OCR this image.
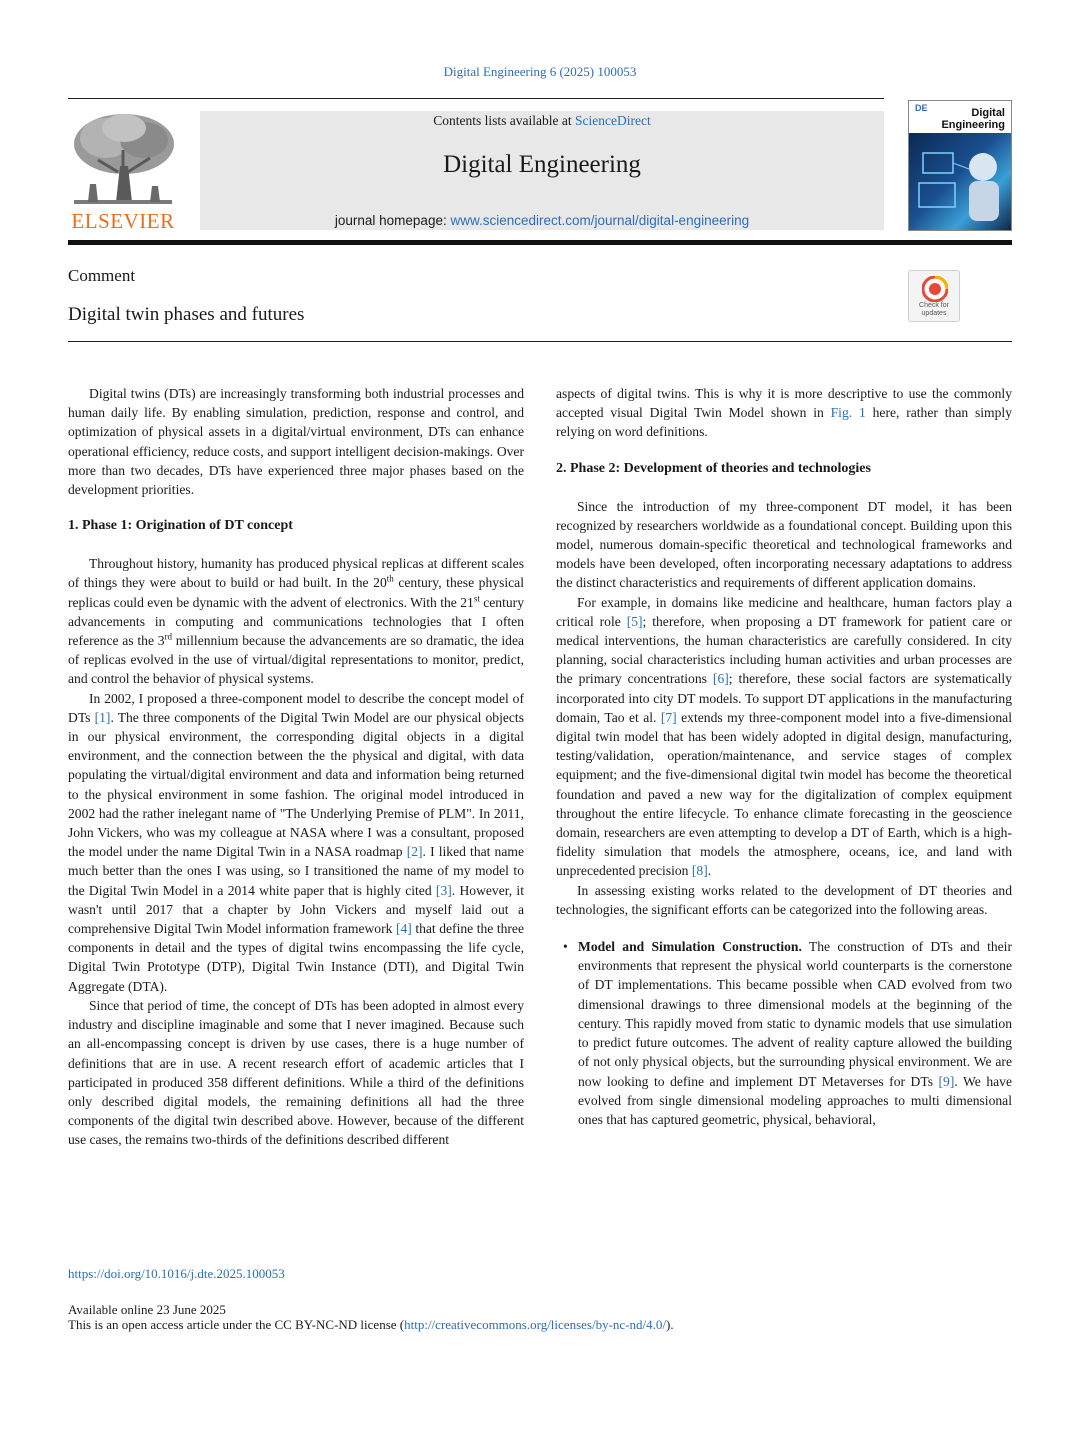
Digital Engineering 6 (2025) 100053
ELSEVIER
Contents lists available at ScienceDirect
Digital Engineering
journal homepage: www.sciencedirect.com/journal/digital-engineering
DE	Digital
Engineering
Comment
Digital twin phases and futures	Check for
updates

Digital twins (DTs) are increasingly transforming both industrial processes and human daily life. By enabling simulation, prediction, response and control, and optimization of physical assets in a digital/virtual environment, DTs can enhance operational efficiency, reduce costs, and support intelligent decision-makings. Over more than two decades, DTs have experienced three major phases based on the development priorities.

1. Phase 1: Origination of DT concept

Throughout history, humanity has produced physical replicas at different scales of things they were about to build or had built. In the 20th century, these physical replicas could even be dynamic with the advent of electronics. With the 21st century advancements in computing and communications technologies that I often reference as the 3rd millennium because the advancements are so dramatic, the idea of replicas evolved in the use of virtual/digital representations to monitor, predict, and control the behavior of physical systems.

In 2002, I proposed a three-component model to describe the concept model of DTs [1]. The three components of the Digital Twin Model are our physical objects in our physical environment, the corresponding digital objects in a digital environment, and the connection between the the physical and digital, with data populating the virtual/digital environment and data and information being returned to the physical environment in some fashion. The original model introduced in 2002 had the rather inelegant name of "The Underlying Premise of PLM". In 2011, John Vickers, who was my colleague at NASA where I was a consultant, proposed the model under the name Digital Twin in a NASA roadmap [2]. I liked that name much better than the ones I was using, so I transitioned the name of my model to the Digital Twin Model in a 2014 white paper that is highly cited [3]. However, it wasn't until 2017 that a chapter by John Vickers and myself laid out a comprehensive Digital Twin Model information framework [4] that define the three components in detail and the types of digital twins encompassing the life cycle, Digital Twin Prototype (DTP), Digital Twin Instance (DTI), and Digital Twin Aggregate (DTA).

Since that period of time, the concept of DTs has been adopted in almost every industry and discipline imaginable and some that I never imagined. Because such an all-encompassing concept is driven by use cases, there is a huge number of definitions that are in use. A recent research effort of academic articles that I participated in produced 358 different definitions. While a third of the definitions only described digital models, the remaining definitions all had the three components of the digital twin described above. However, because of the different use cases, the remains two-thirds of the definitions described different

aspects of digital twins. This is why it is more descriptive to use the commonly accepted visual Digital Twin Model shown in Fig. 1 here, rather than simply relying on word definitions.

2. Phase 2: Development of theories and technologies

Since the introduction of my three-component DT model, it has been recognized by researchers worldwide as a foundational concept. Building upon this model, numerous domain-specific theoretical and technological frameworks and models have been developed, often incorporating necessary adaptations to address the distinct characteristics and requirements of different application domains.

For example, in domains like medicine and healthcare, human factors play a critical role [5]; therefore, when proposing a DT framework for patient care or medical interventions, the human characteristics are carefully considered. In city planning, social characteristics including human activities and urban processes are the primary concentrations [6]; therefore, these social factors are systematically incorporated into city DT models. To support DT applications in the manufacturing domain, Tao et al. [7] extends my three-component model into a five-dimensional digital twin model that has been widely adopted in digital design, manufacturing, testing/validation, operation/maintenance, and service stages of complex equipment; and the five-dimensional digital twin model has become the theoretical foundation and paved a new way for the digitalization of complex equipment throughout the entire lifecycle. To enhance climate forecasting in the geoscience domain, researchers are even attempting to develop a DT of Earth, which is a high-fidelity simulation that models the atmosphere, oceans, ice, and land with unprecedented precision [8].

In assessing existing works related to the development of DT theories and technologies, the significant efforts can be categorized into the following areas.

• Model and Simulation Construction. The construction of DTs and their environments that represent the physical world counterparts is the cornerstone of DT implementations. This became possible when CAD evolved from two dimensional drawings to three dimensional models at the beginning of the century. This rapidly moved from static to dynamic models that use simulation to predict future outcomes. The advent of reality capture allowed the building of not only physical objects, but the surrounding physical environment. We are now looking to define and implement DT Metaverses for DTs [9]. We have evolved from single dimensional modeling approaches to multi dimensional ones that has captured geometric, physical, behavioral,
https://doi.org/10.1016/j.dte.2025.100053
Available online 23 June 2025
This is an open access article under the CC BY-NC-ND license (http://creativecommons.org/licenses/by-nc-nd/4.0/).
